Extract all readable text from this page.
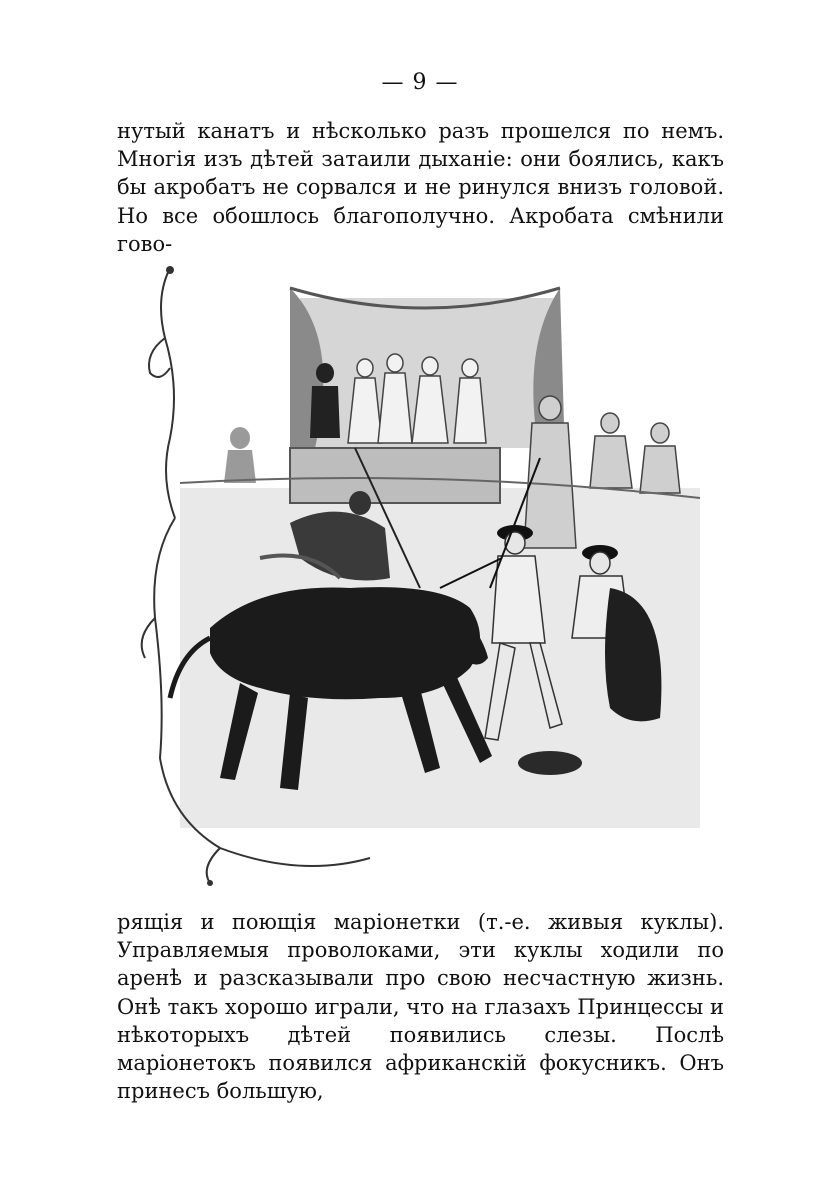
— 9 —

нутый канатъ и нѣсколько разъ прошелся по немъ. Многія изъ дѣтей затаили дыханіе: они боялись, какъ бы акробатъ не сорвался и не ринулся внизъ головой. Но все обошлось благополучно. Акробата смѣнили гово-

рящія и поющія маріонетки (т.-е. живыя куклы). Управляемыя проволоками, эти куклы ходили по аренѣ и разсказывали про свою несчастную жизнь. Онѣ такъ хорошо играли, что на глазахъ Принцессы и нѣкоторыхъ дѣтей появились слезы. Послѣ маріонетокъ появился африканскій фокусникъ. Онъ принесъ большую,
